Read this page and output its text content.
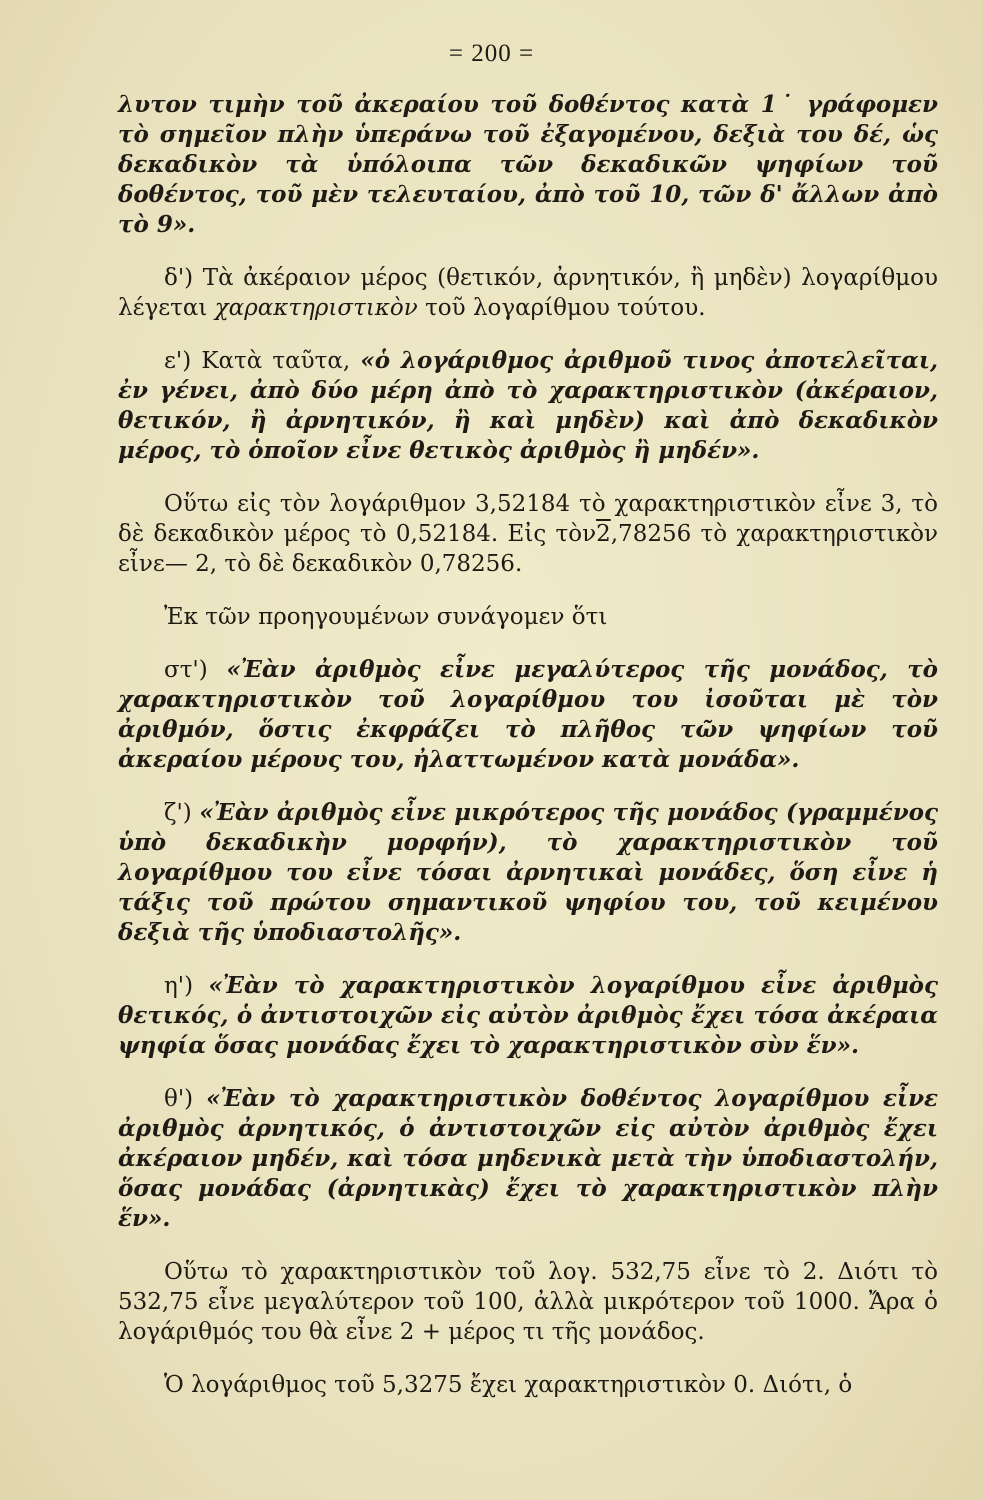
= 200 =

λυτον τιμὴν τοῦ ἀκεραίου τοῦ δοθέντος κατὰ 1˙ γράφομεν τὸ σημεῖον πλὴν ὑπεράνω τοῦ ἐξαγομένου, δεξιὰ του δέ, ὡς δεκαδικὸν τὰ ὑπόλοιπα τῶν δεκαδικῶν ψηφίων τοῦ δοθέντος, τοῦ μὲν τελευταίου, ἀπὸ τοῦ 10, τῶν δ' ἄλλων ἀπὸ τὸ 9».

δ') Τὰ ἀκέραιον μέρος (θετικόν, ἀρνητικόν, ἢ μηδὲν) λογαρίθμου λέγεται χαρακτηριστικὸν τοῦ λογαρίθμου τούτου.

ε') Κατὰ ταῦτα, «ὁ λογάριθμος ἀριθμοῦ τινος ἀποτελεῖται, ἐν γένει, ἀπὸ δύο μέρη ἀπὸ τὸ χαρακτηριστικὸν (ἀκέραιον, θετικόν, ἢ ἀρνητικόν, ἢ καὶ μηδὲν) καὶ ἀπὸ δεκαδικὸν μέρος, τὸ ὁποῖον εἶνε θετικὸς ἀριθμὸς ἢ μηδέν».

Οὕτω εἰς τὸν λογάριθμον 3,52184 τὸ χαρακτηριστικὸν εἶνε 3, τὸ δὲ δεκαδικὸν μέρος τὸ 0,52184. Εἰς τὸν2,78256 τὸ χαρακτηριστικὸν εἶνε— 2, τὸ δὲ δεκαδικὸν 0,78256.

Ἐκ τῶν προηγουμένων συνάγομεν ὅτι

στ') «Ἐὰν ἀριθμὸς εἶνε μεγαλύτερος τῆς μονάδος, τὸ χαρακτηριστικὸν τοῦ λογαρίθμου του ἰσοῦται μὲ τὸν ἀριθμόν, ὅστις ἐκφράζει τὸ πλῆθος τῶν ψηφίων τοῦ ἀκεραίου μέρους του, ἠλαττωμένον κατὰ μονάδα».

ζ') «Ἐὰν ἀριθμὸς εἶνε μικρότερος τῆς μονάδος (γραμμένος ὑπὸ δεκαδικὴν μορφήν), τὸ χαρακτηριστικὸν τοῦ λογαρίθμου του εἶνε τόσαι ἀρνητικαὶ μονάδες, ὅση εἶνε ἡ τάξις τοῦ πρώτου σημαντικοῦ ψηφίου του, τοῦ κειμένου δεξιὰ τῆς ὑποδιαστολῆς».

η') «Ἐὰν τὸ χαρακτηριστικὸν λογαρίθμου εἶνε ἀριθμὸς θετικός, ὁ ἀντιστοιχῶν εἰς αὐτὸν ἀριθμὸς ἔχει τόσα ἀκέραια ψηφία ὅσας μονάδας ἔχει τὸ χαρακτηριστικὸν σὺν ἕν».

θ') «Ἐὰν τὸ χαρακτηριστικὸν δοθέντος λογαρίθμου εἶνε ἀριθμὸς ἀρνητικός, ὁ ἀντιστοιχῶν εἰς αὐτὸν ἀριθμὸς ἔχει ἀκέραιον μηδέν, καὶ τόσα μηδενικὰ μετὰ τὴν ὑποδιαστολήν, ὅσας μονάδας (ἀρνητικὰς) ἔχει τὸ χαρακτηριστικὸν πλὴν ἕν».

Οὕτω τὸ χαρακτηριστικὸν τοῦ λογ. 532,75 εἶνε τὸ 2. Διότι τὸ 532,75 εἶνε μεγαλύτερον τοῦ 100, ἀλλὰ μικρότερον τοῦ 1000. Ἄρα ὁ λογάριθμός του θὰ εἶνε 2 + μέρος τι τῆς μονάδος.

Ὁ λογάριθμος τοῦ 5,3275 ἔχει χαρακτηριστικὸν 0. Διότι, ὁ
